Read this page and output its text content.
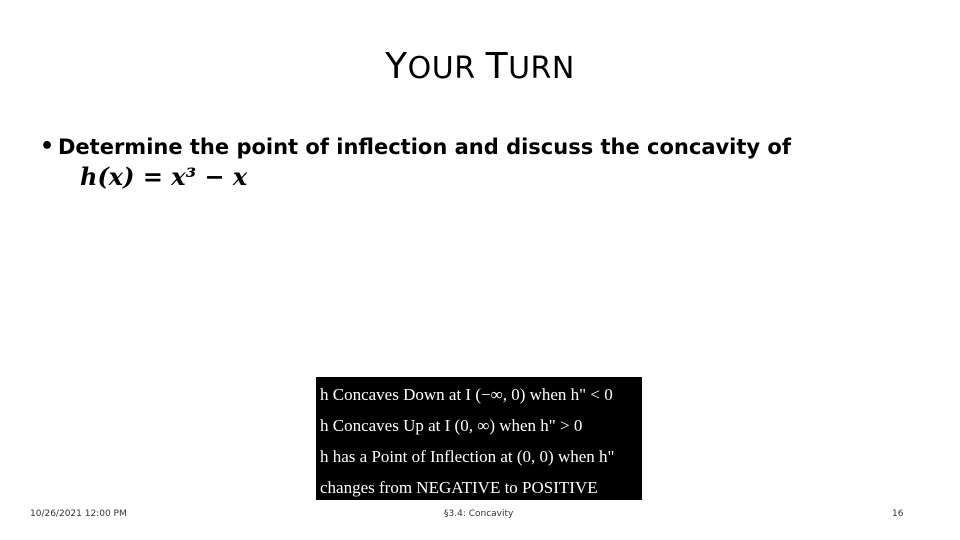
YOUR TURN
• Determine the point of inflection and discuss the concavity of
h(x) = x³ − x
h Concaves Down at I (−∞, 0) when h" < 0
h Concaves Up at I (0, ∞) when h" > 0
h has a Point of Inflection at (0, 0) when h"
changes from NEGATIVE to POSITIVE
10/26/2021 12:00 PM	§3.4: Concavity	16
